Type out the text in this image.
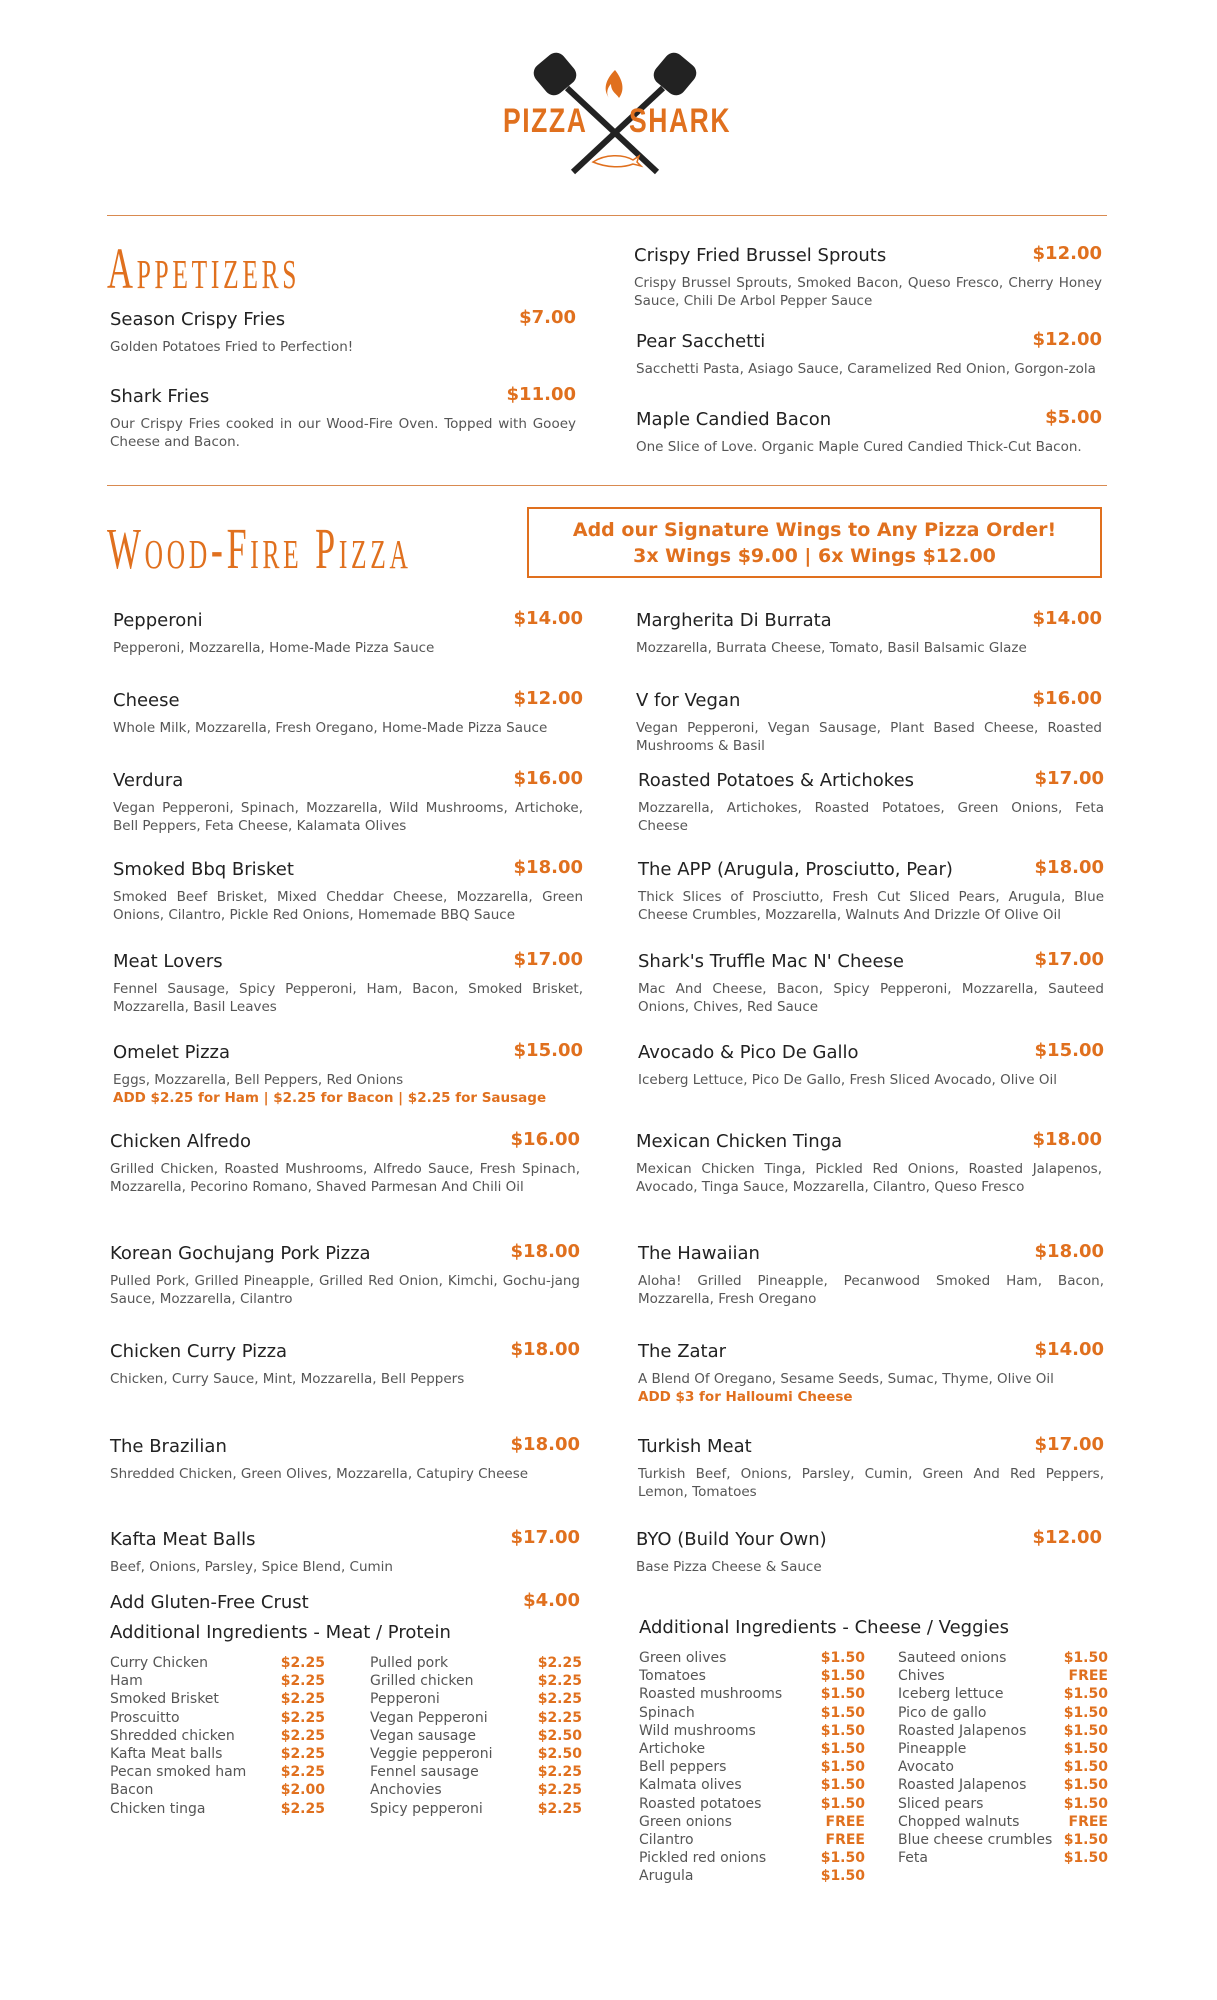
PIZZA SHARK
Appetizers
Season Crispy Fries	$7.00
Golden Potatoes Fried to Perfection!
Shark Fries	$11.00
Our Crispy Fries cooked in our Wood-Fire Oven. Topped with Gooey Cheese and Bacon.
Crispy Fried Brussel Sprouts	$12.00
Crispy Brussel Sprouts, Smoked Bacon, Queso Fresco, Cherry Honey Sauce, Chili De Arbol Pepper Sauce
Pear Sacchetti	$12.00
Sacchetti Pasta, Asiago Sauce, Caramelized Red Onion, Gorgon-zola
Maple Candied Bacon	$5.00
One Slice of Love. Organic Maple Cured Candied Thick-Cut Bacon.
Wood-Fire Pizza	Add our Signature Wings to Any Pizza Order!
3x Wings $9.00 | 6x Wings $12.00
Pepperoni	$14.00
Pepperoni, Mozzarella, Home-Made Pizza Sauce
Cheese	$12.00
Whole Milk, Mozzarella, Fresh Oregano, Home-Made Pizza Sauce
Verdura	$16.00
Vegan Pepperoni, Spinach, Mozzarella, Wild Mushrooms, Artichoke, Bell Peppers, Feta Cheese, Kalamata Olives
Smoked Bbq Brisket	$18.00
Smoked Beef Brisket, Mixed Cheddar Cheese, Mozzarella, Green Onions, Cilantro, Pickle Red Onions, Homemade BBQ Sauce
Meat Lovers	$17.00
Fennel Sausage, Spicy Pepperoni, Ham, Bacon, Smoked Brisket, Mozzarella, Basil Leaves
Omelet Pizza	$15.00
Eggs, Mozzarella, Bell Peppers, Red Onions
ADD $2.25 for Ham | $2.25 for Bacon | $2.25 for Sausage
Chicken Alfredo	$16.00
Grilled Chicken, Roasted Mushrooms, Alfredo Sauce, Fresh Spinach, Mozzarella, Pecorino Romano, Shaved Parmesan And Chili Oil
Korean Gochujang Pork Pizza	$18.00
Pulled Pork, Grilled Pineapple, Grilled Red Onion, Kimchi, Gochu-jang Sauce, Mozzarella, Cilantro
Chicken Curry Pizza	$18.00
Chicken, Curry Sauce, Mint, Mozzarella, Bell Peppers
The Brazilian	$18.00
Shredded Chicken, Green Olives, Mozzarella, Catupiry Cheese
Kafta Meat Balls	$17.00
Beef, Onions, Parsley, Spice Blend, Cumin
Add Gluten-Free Crust	$4.00
Margherita Di Burrata	$14.00
Mozzarella, Burrata Cheese, Tomato, Basil Balsamic Glaze
V for Vegan	$16.00
Vegan Pepperoni, Vegan Sausage, Plant Based Cheese, Roasted Mushrooms & Basil
Roasted Potatoes & Artichokes	$17.00
Mozzarella, Artichokes, Roasted Potatoes, Green Onions, Feta Cheese
The APP (Arugula, Prosciutto, Pear)	$18.00
Thick Slices of Prosciutto, Fresh Cut Sliced Pears, Arugula, Blue Cheese Crumbles, Mozzarella, Walnuts And Drizzle Of Olive Oil
Shark's Truffle Mac N' Cheese	$17.00
Mac And Cheese, Bacon, Spicy Pepperoni, Mozzarella, Sauteed Onions, Chives, Red Sauce
Avocado & Pico De Gallo	$15.00
Iceberg Lettuce, Pico De Gallo, Fresh Sliced Avocado, Olive Oil
Mexican Chicken Tinga	$18.00
Mexican Chicken Tinga, Pickled Red Onions, Roasted Jalapenos, Avocado, Tinga Sauce, Mozzarella, Cilantro, Queso Fresco
The Hawaiian	$18.00
Aloha! Grilled Pineapple, Pecanwood Smoked Ham, Bacon, Mozzarella, Fresh Oregano
The Zatar	$14.00
A Blend Of Oregano, Sesame Seeds, Sumac, Thyme, Olive Oil
ADD $3 for Halloumi Cheese
Turkish Meat	$17.00
Turkish Beef, Onions, Parsley, Cumin, Green And Red Peppers, Lemon, Tomatoes
BYO (Build Your Own)	$12.00
Base Pizza Cheese & Sauce
Additional Ingredients - Meat / Protein
Curry Chicken	$2.25
Ham	$2.25
Smoked Brisket	$2.25
Proscuitto	$2.25
Shredded chicken	$2.25
Kafta Meat balls	$2.25
Pecan smoked ham $2.25
Bacon	$2.00
Chicken tinga	$2.25
Pulled pork	$2.25
Grilled chicken	$2.25
Pepperoni	$2.25
Vegan Pepperoni	$2.25
Vegan sausage	$2.50
Veggie pepperoni	$2.50
Fennel sausage	$2.25
Anchovies	$2.25
Spicy pepperoni	$2.25
Additional Ingredients - Cheese / Veggies
Green olives	$1.50
Tomatoes	$1.50
Roasted mushrooms	$1.50
Spinach	$1.50
Wild mushrooms	$1.50
Artichoke	$1.50
Bell peppers	$1.50
Kalmata olives	$1.50
Roasted potatoes	$1.50
Green onions	FREE
Cilantro	FREE
Pickled red onions	$1.50
Arugula	$1.50
Sauteed onions	$1.50
Chives	FREE
Iceberg lettuce	$1.50
Pico de gallo	$1.50
Roasted Jalapenos	$1.50
Pineapple	$1.50
Avocato	$1.50
Roasted Jalapenos	$1.50
Sliced pears	$1.50
Chopped walnuts	FREE
Blue cheese crumbles $1.50
Feta	$1.50
